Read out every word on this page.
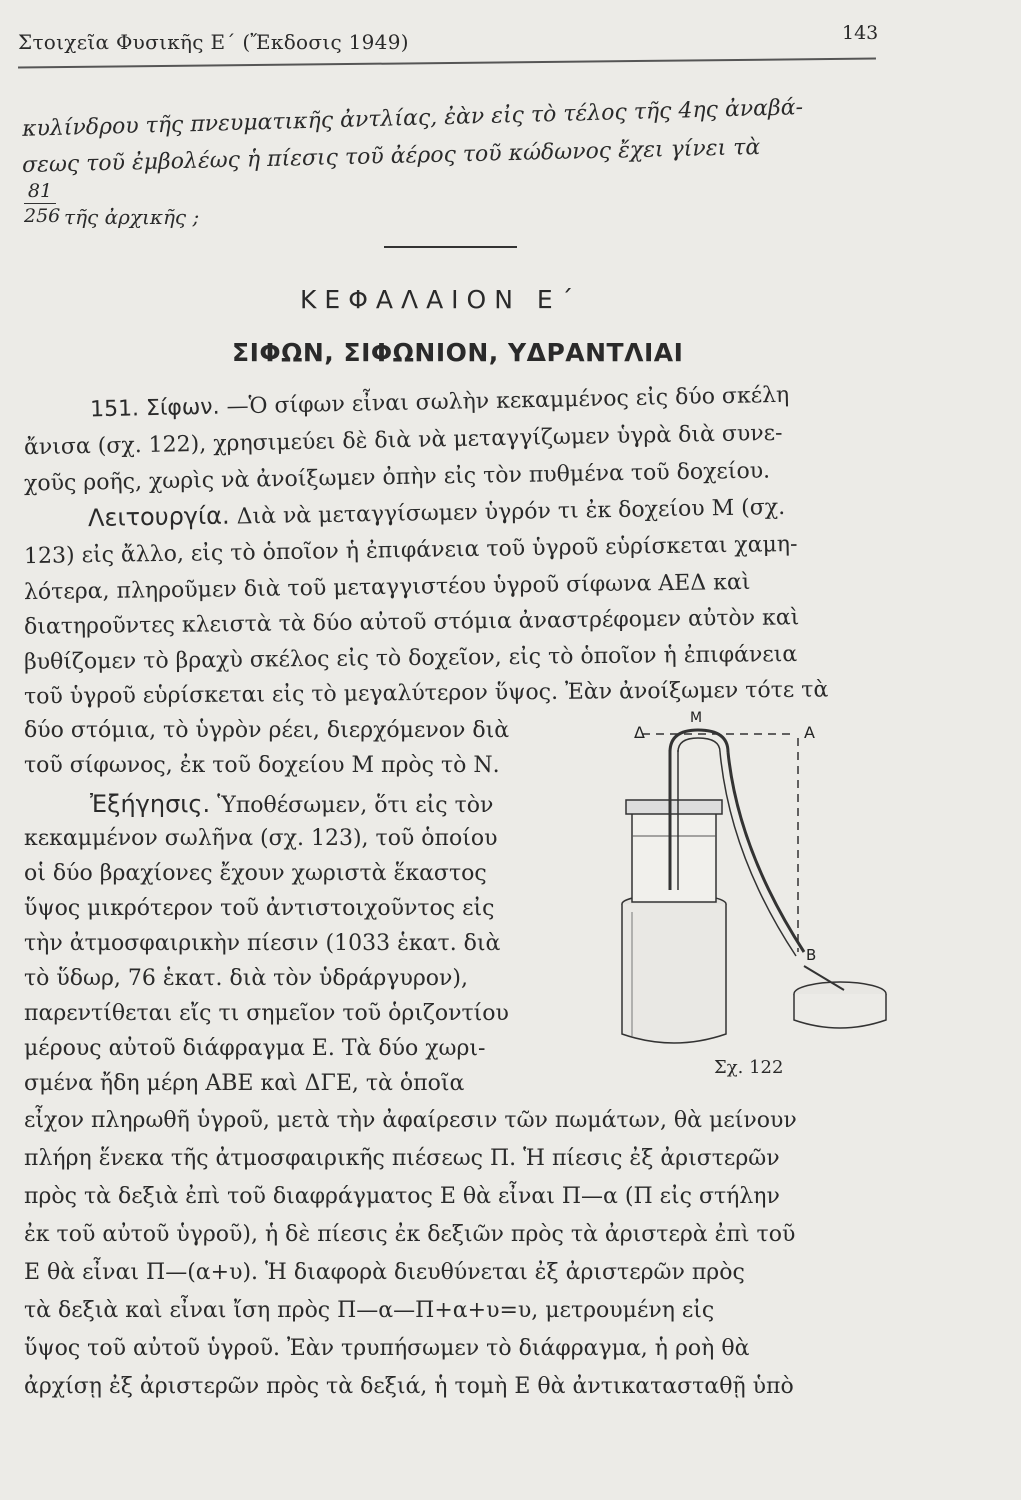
Στοιχεῖα Φυσικῆς Ε΄ (Ἔκδοσις 1949)	143
κυλίνδρου τῆς πνευματικῆς ἀντλίας, ἐὰν εἰς τὸ τέλος τῆς 4ης ἀναβά-
σεως τοῦ ἐμβολέως ἡ πίεσις τοῦ ἀέρος τοῦ κώδωνος ἔχει γίνει τὰ
$\frac{81}{256}$ τῆς ἀρχικῆς ;
ΚΕΦΑΛΑΙΟΝ Ε΄
ΣΙΦΩΝ, ΣΙΦΩΝΙΟΝ, ΥΔΡΑΝΤΛΙΑΙ
151. Σίφων. —Ὁ σίφων εἶναι σωλὴν κεκαμμένος εἰς δύο σκέλη
ἄνισα (σχ. 122), χρησιμεύει δὲ διὰ νὰ μεταγγίζωμεν ὑγρὰ διὰ συνε-
χοῦς ροῆς, χωρὶς νὰ ἀνοίξωμεν ὀπὴν εἰς τὸν πυθμένα τοῦ δοχείου.
Λειτουργία. Διὰ νὰ μεταγγίσωμεν ὑγρόν τι ἐκ δοχείου Μ (σχ.
123) εἰς ἄλλο, εἰς τὸ ὁποῖον ἡ ἐπιφάνεια τοῦ ὑγροῦ εὑρίσκεται χαμη-
λότερα, πληροῦμεν διὰ τοῦ μεταγγιστέου ὑγροῦ σίφωνα ΑΕΔ καὶ
διατηροῦντες κλειστὰ τὰ δύο αὐτοῦ στόμια ἀναστρέφομεν αὐτὸν καὶ
βυθίζομεν τὸ βραχὺ σκέλος εἰς τὸ δοχεῖον, εἰς τὸ ὁποῖον ἡ ἐπιφάνεια
τοῦ ὑγροῦ εὑρίσκεται εἰς τὸ μεγαλύτερον ὕψος. Ἐὰν ἀνοίξωμεν τότε τὰ
δύο στόμια, τὸ ὑγρὸν ρέει, διερχόμενον διὰ
τοῦ σίφωνος, ἐκ τοῦ δοχείου Μ πρὸς τὸ Ν.
Ἐξήγησις. Ὑποθέσωμεν, ὅτι εἰς τὸν
κεκαμμένον σωλῆνα (σχ. 123), τοῦ ὁποίου
οἱ δύο βραχίονες ἔχουν χωριστὰ ἕκαστος
ὕψος μικρότερον τοῦ ἀντιστοιχοῦντος εἰς
τὴν ἀτμοσφαιρικὴν πίεσιν (1033 ἑκατ. διὰ
τὸ ὕδωρ, 76 ἑκατ. διὰ τὸν ὑδράργυρον),
παρεντίθεται εἴς τι σημεῖον τοῦ ὁριζοντίου
μέρους αὐτοῦ διάφραγμα Ε. Τὰ δύο χωρι-
σμένα ἤδη μέρη ΑΒΕ καὶ ΔΓΕ, τὰ ὁποῖα
εἶχον πληρωθῆ ὑγροῦ, μετὰ τὴν ἀφαίρεσιν τῶν πωμάτων, θὰ μείνουν
πλήρη ἕνεκα τῆς ἀτμοσφαιρικῆς πιέσεως Π. Ἡ πίεσις ἐξ ἀριστερῶν
πρὸς τὰ δεξιὰ ἐπὶ τοῦ διαφράγματος Ε θὰ εἶναι Π—α (Π εἰς στήλην
ἐκ τοῦ αὐτοῦ ὑγροῦ), ἡ δὲ πίεσις ἐκ δεξιῶν πρὸς τὰ ἀριστερὰ ἐπὶ τοῦ
Ε θὰ εἶναι Π—(α+υ). Ἡ διαφορὰ διευθύνεται ἐξ ἀριστερῶν πρὸς
τὰ δεξιὰ καὶ εἶναι ἴση πρὸς Π—α—Π+α+υ=υ, μετρουμένη εἰς
ὕψος τοῦ αὐτοῦ ὑγροῦ. Ἐὰν τρυπήσωμεν τὸ διάφραγμα, ἡ ροὴ θὰ
ἀρχίσῃ ἐξ ἀριστερῶν πρὸς τὰ δεξιά, ἡ τομὴ Ε θὰ ἀντικατασταθῇ ὑπὸ
Δ
Μ
Α
Β
Σχ. 122
